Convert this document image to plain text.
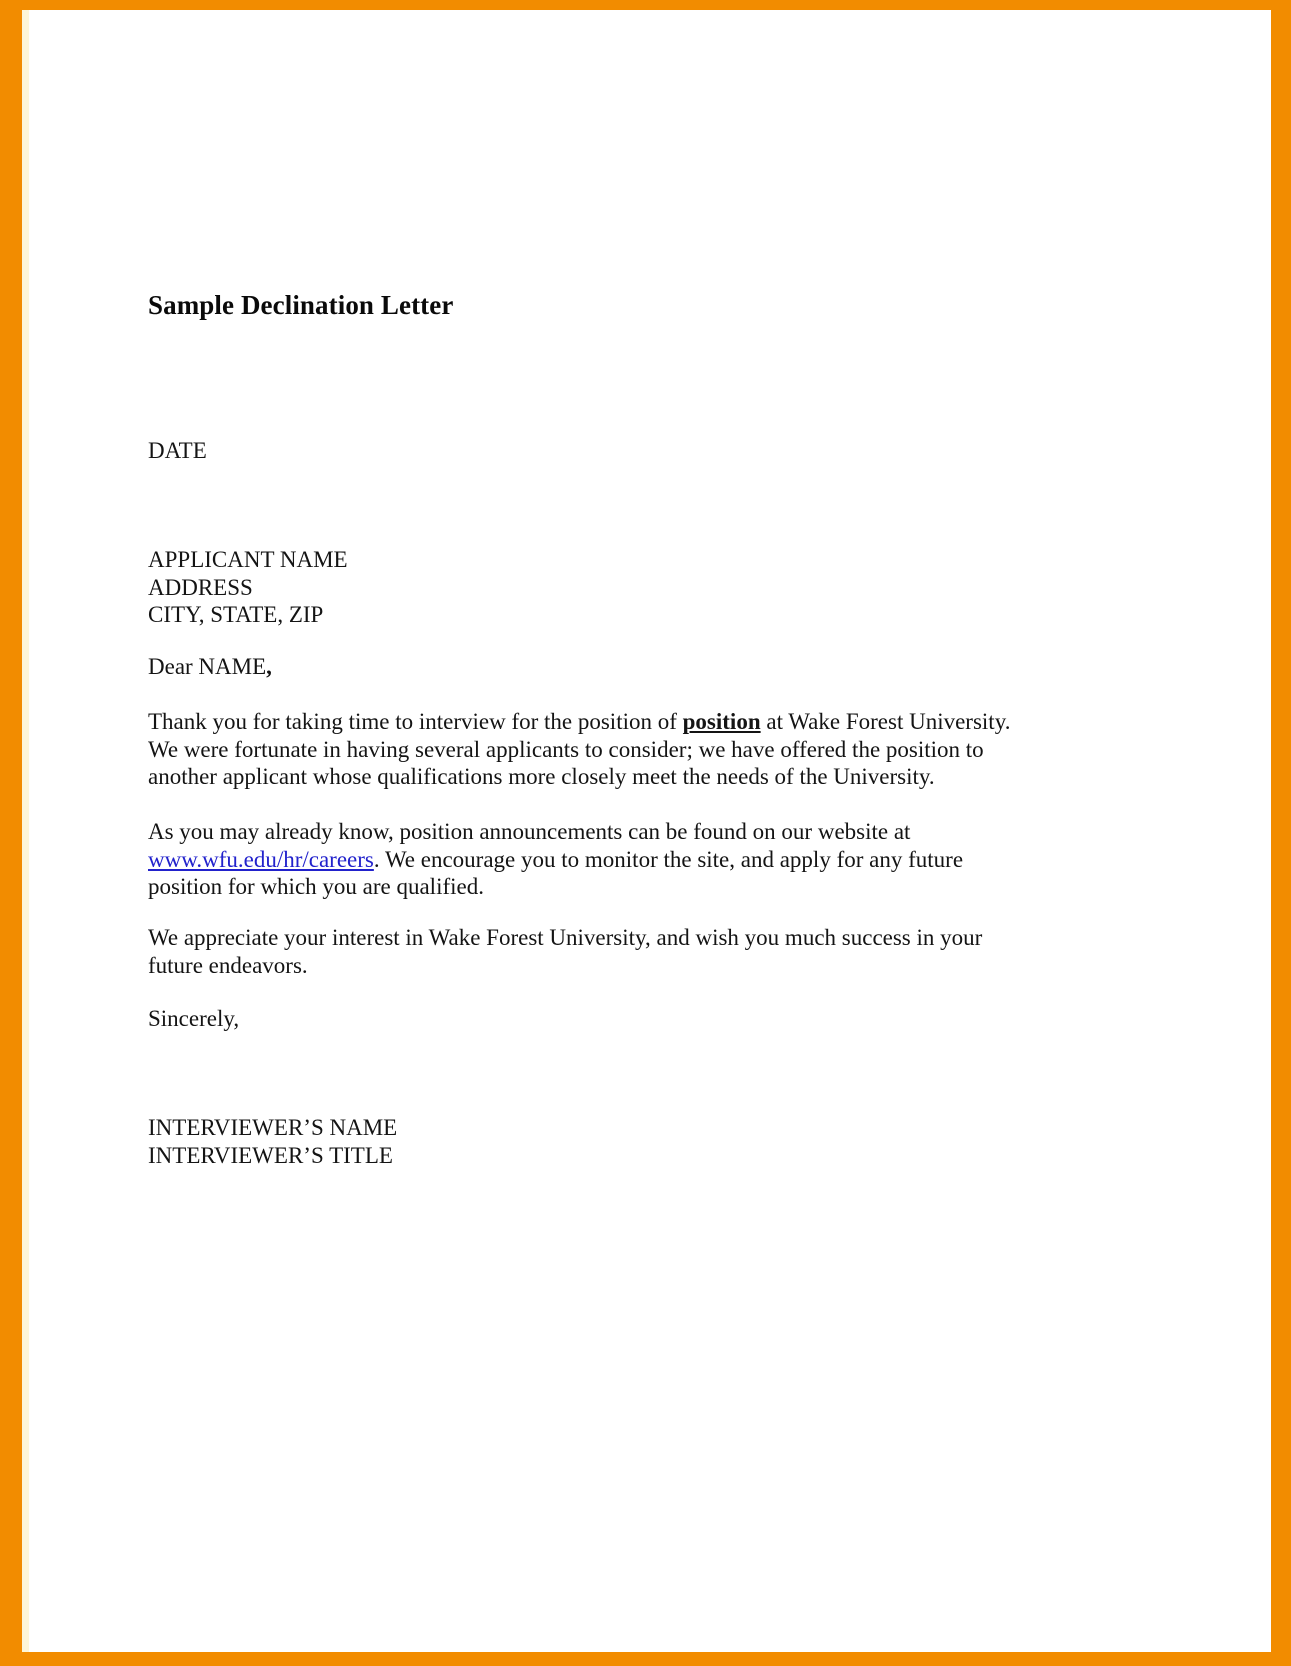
Sample Declination Letter
DATE
APPLICANT NAME
ADDRESS
CITY, STATE, ZIP
Dear NAME,
Thank you for taking time to interview for the position of position at Wake Forest University. We were fortunate in having several applicants to consider; we have offered the position to another applicant whose qualifications more closely meet the needs of the University.
As you may already know, position announcements can be found on our website at www.wfu.edu/hr/careers. We encourage you to monitor the site, and apply for any future position for which you are qualified.
We appreciate your interest in Wake Forest University, and wish you much success in your future endeavors.
Sincerely,
INTERVIEWER’S NAME
INTERVIEWER’S TITLE
